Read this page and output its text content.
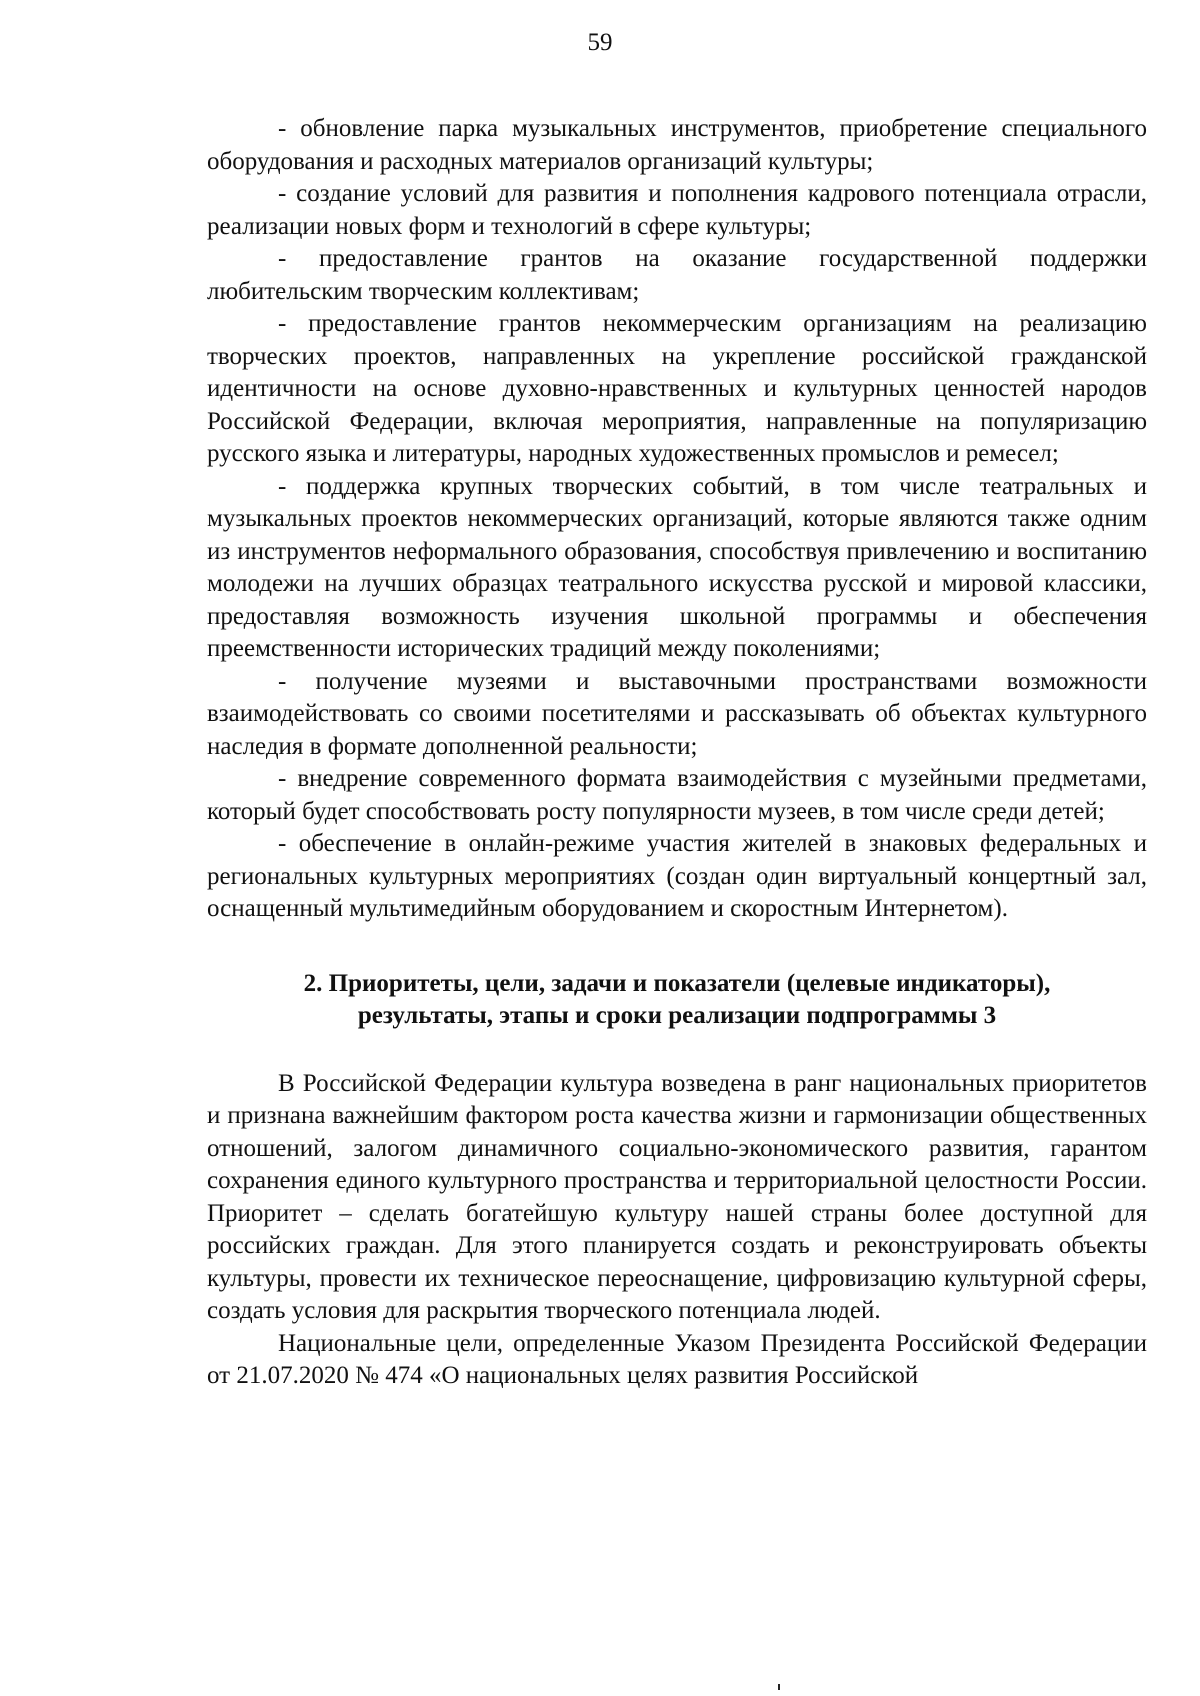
59

- обновление парка музыкальных инструментов, приобретение специального оборудования и расходных материалов организаций культуры;

- создание условий для развития и пополнения кадрового потенциала отрасли, реализации новых форм и технологий в сфере культуры;

- предоставление грантов на оказание государственной поддержки любительским творческим коллективам;

- предоставление грантов некоммерческим организациям на реализацию творческих проектов, направленных на укрепление российской гражданской идентичности на основе духовно-нравственных и культурных ценностей народов Российской Федерации, включая мероприятия, направленные на популяризацию русского языка и литературы, народных художественных промыслов и ремесел;

- поддержка крупных творческих событий, в том числе театральных и музыкальных проектов некоммерческих организаций, которые являются также одним из инструментов неформального образования, способствуя привлечению и воспитанию молодежи на лучших образцах театрального искусства русской и мировой классики, предоставляя возможность изучения школьной программы и обеспечения преемственности исторических традиций между поколениями;

- получение музеями и выставочными пространствами возможности взаимодействовать со своими посетителями и рассказывать об объектах культурного наследия в формате дополненной реальности;

- внедрение современного формата взаимодействия с музейными предметами, который будет способствовать росту популярности музеев, в том числе среди детей;

- обеспечение в онлайн-режиме участия жителей в знаковых федеральных и региональных культурных мероприятиях (создан один виртуальный концертный зал, оснащенный мультимедийным оборудованием и скоростным Интернетом).

2. Приоритеты, цели, задачи и показатели (целевые индикаторы),
результаты, этапы и сроки реализации подпрограммы 3

В Российской Федерации культура возведена в ранг национальных приоритетов и признана важнейшим фактором роста качества жизни и гармонизации общественных отношений, залогом динамичного социально-экономического развития, гарантом сохранения единого культурного пространства и территориальной целостности России. Приоритет – сделать богатейшую культуру нашей страны более доступной для российских граждан. Для этого планируется создать и реконструировать объекты культуры, провести их техническое переоснащение, цифровизацию культурной сферы, создать условия для раскрытия творческого потенциала людей.

Национальные цели, определенные Указом Президента Российской Федерации от 21.07.2020 № 474 «О национальных целях развития Российской
